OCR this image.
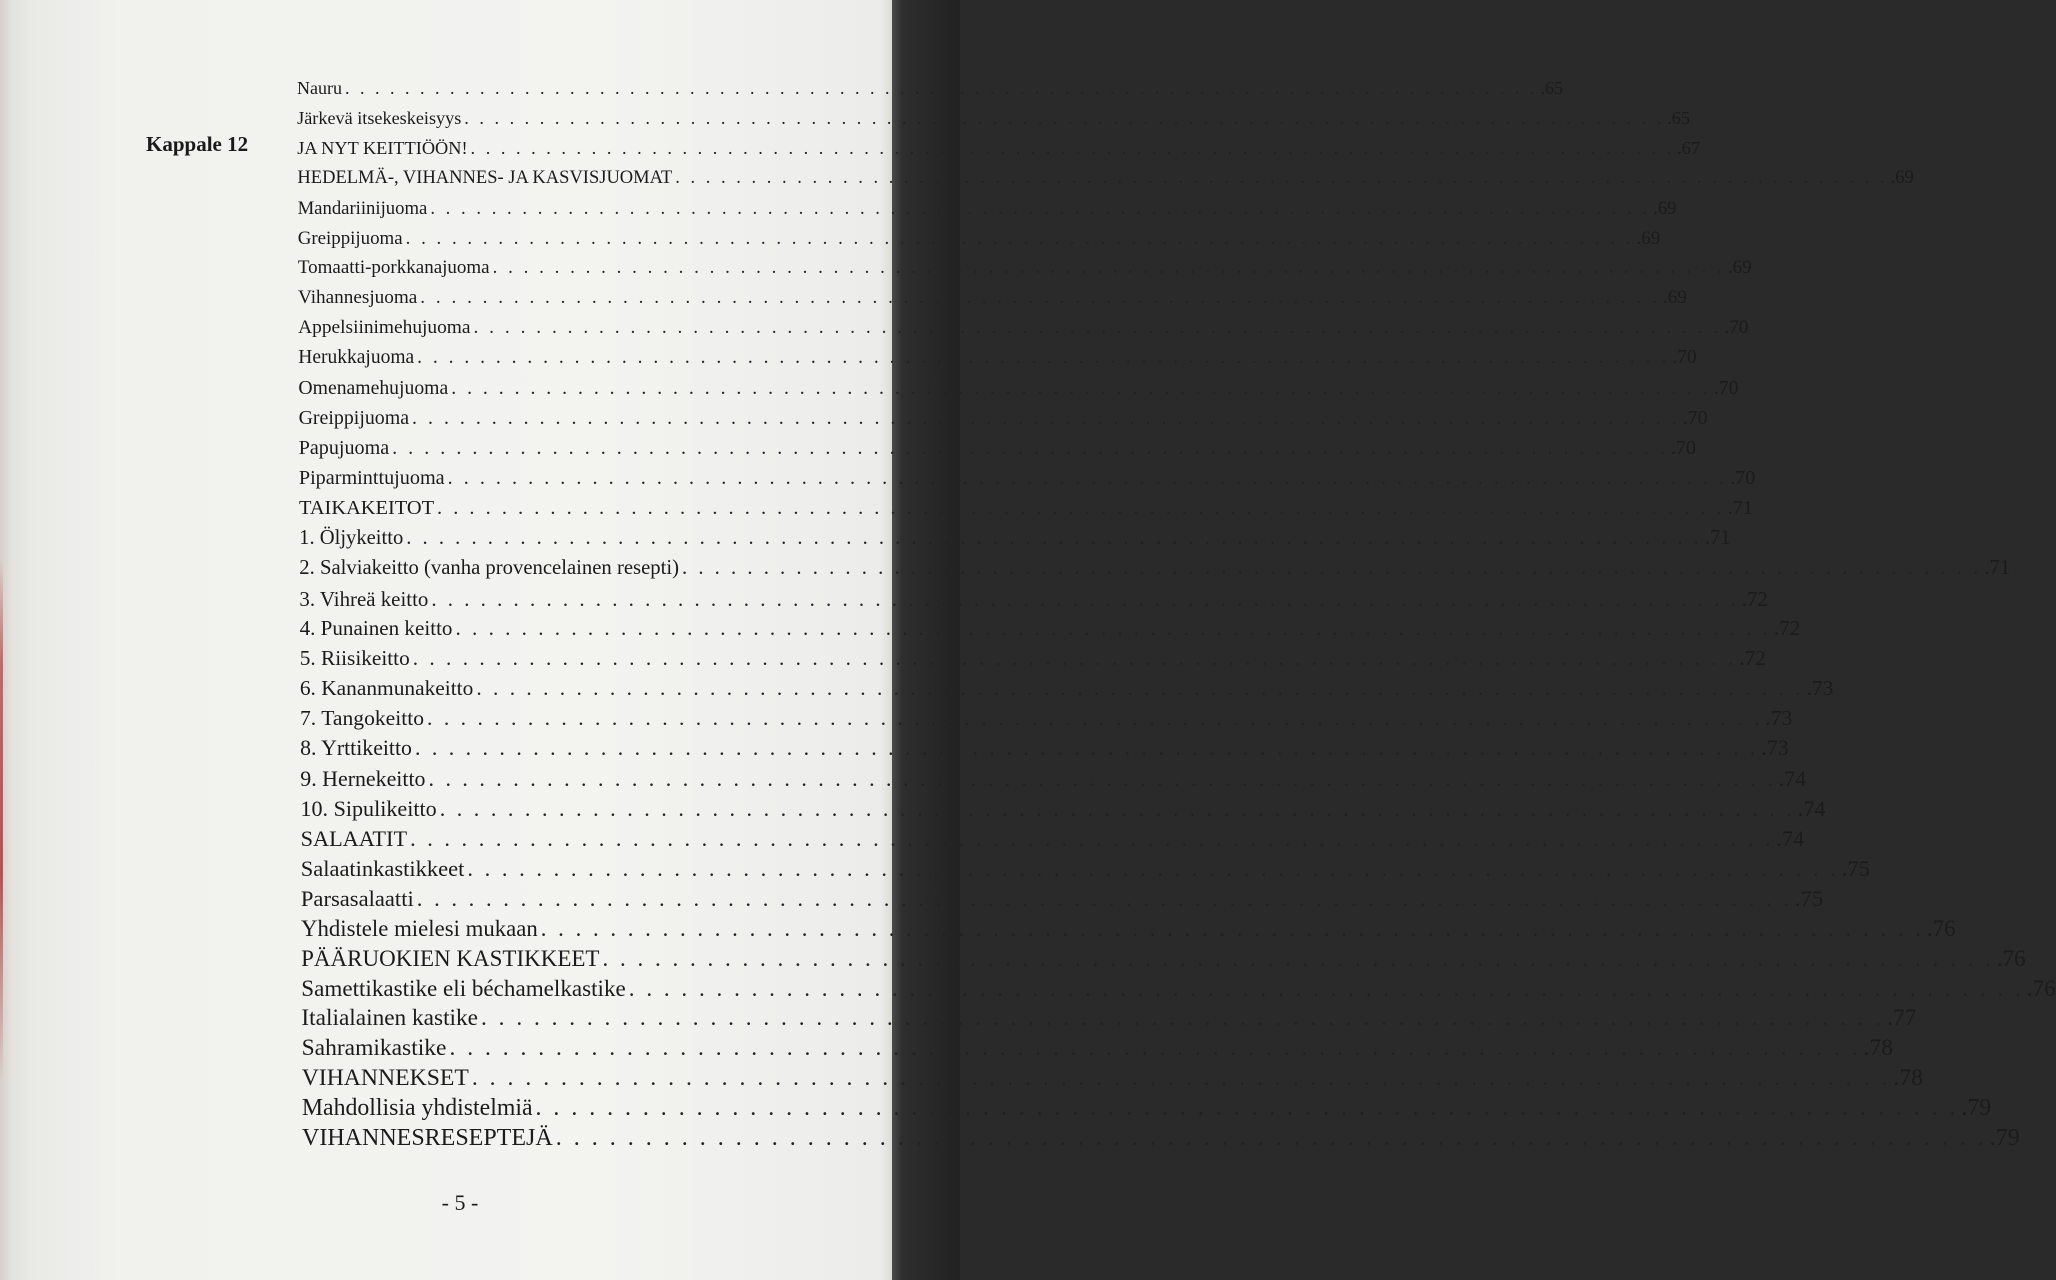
Kappale 12
Nauru . . . . . . . . . . . . . . . . . . . . . . . . . . . . . . . . . . . . . . . . . . . . . . . . . . . . . . . . . . . . . . . . . . . . . . . . . . . . . . . . .65
Järkevä itsekeskeisyys . . . . . . . . . . . . . . . . . . . . . . . . . . . . . . . . . . . . . . . . . . . . . . . . . . . . . . . . . . . . . . . . . . . . . . . . . . . . . . . . .65
JA NYT KEITTIÖÖN! . . . . . . . . . . . . . . . . . . . . . . . . . . . . . . . . . . . . . . . . . . . . . . . . . . . . . . . . . . . . . . . . . . . . . . . . . . . . . . . . .67
HEDELMÄ-, VIHANNES- JA KASVISJUOMAT . . . . . . . . . . . . . . . . . . . . . . . . . . . . . . . . . . . . . . . . . . . . . . . . . . . . . . . . . . . . . . . . . . . . . . . . . . . . . . . . .69
Mandariinijuoma . . . . . . . . . . . . . . . . . . . . . . . . . . . . . . . . . . . . . . . . . . . . . . . . . . . . . . . . . . . . . . . . . . . . . . . . . . . . . . . . .69
Greippijuoma . . . . . . . . . . . . . . . . . . . . . . . . . . . . . . . . . . . . . . . . . . . . . . . . . . . . . . . . . . . . . . . . . . . . . . . . . . . . . . . . .69
Tomaatti-porkkanajuoma . . . . . . . . . . . . . . . . . . . . . . . . . . . . . . . . . . . . . . . . . . . . . . . . . . . . . . . . . . . . . . . . . . . . . . . . . . . . . . . . .69
Vihannesjuoma . . . . . . . . . . . . . . . . . . . . . . . . . . . . . . . . . . . . . . . . . . . . . . . . . . . . . . . . . . . . . . . . . . . . . . . . . . . . . . . . .69
Appelsiinimehujuoma . . . . . . . . . . . . . . . . . . . . . . . . . . . . . . . . . . . . . . . . . . . . . . . . . . . . . . . . . . . . . . . . . . . . . . . . . . . . . . . . .70
Herukkajuoma . . . . . . . . . . . . . . . . . . . . . . . . . . . . . . . . . . . . . . . . . . . . . . . . . . . . . . . . . . . . . . . . . . . . . . . . . . . . . . . . .70
Omenamehujuoma . . . . . . . . . . . . . . . . . . . . . . . . . . . . . . . . . . . . . . . . . . . . . . . . . . . . . . . . . . . . . . . . . . . . . . . . . . . . . . . . .70
Greippijuoma . . . . . . . . . . . . . . . . . . . . . . . . . . . . . . . . . . . . . . . . . . . . . . . . . . . . . . . . . . . . . . . . . . . . . . . . . . . . . . . . .70
Papujuoma . . . . . . . . . . . . . . . . . . . . . . . . . . . . . . . . . . . . . . . . . . . . . . . . . . . . . . . . . . . . . . . . . . . . . . . . . . . . . . . . .70
Piparminttujuoma . . . . . . . . . . . . . . . . . . . . . . . . . . . . . . . . . . . . . . . . . . . . . . . . . . . . . . . . . . . . . . . . . . . . . . . . . . . . . . . . .70
TAIKAKEITOT . . . . . . . . . . . . . . . . . . . . . . . . . . . . . . . . . . . . . . . . . . . . . . . . . . . . . . . . . . . . . . . . . . . . . . . . . . . . . . . . .71
1. Öljykeitto . . . . . . . . . . . . . . . . . . . . . . . . . . . . . . . . . . . . . . . . . . . . . . . . . . . . . . . . . . . . . . . . . . . . . . . . . . . . . . . . .71
2. Salviakeitto (vanha provencelainen resepti) . . . . . . . . . . . . . . . . . . . . . . . . . . . . . . . . . . . . . . . . . . . . . . . . . . . . . . . . . . . . . . . . . . . . . . . . . . . . . . . . .71
3. Vihreä keitto . . . . . . . . . . . . . . . . . . . . . . . . . . . . . . . . . . . . . . . . . . . . . . . . . . . . . . . . . . . . . . . . . . . . . . . . . . . . . . . . .72
4. Punainen keitto . . . . . . . . . . . . . . . . . . . . . . . . . . . . . . . . . . . . . . . . . . . . . . . . . . . . . . . . . . . . . . . . . . . . . . . . . . . . . . . . .72
5. Riisikeitto . . . . . . . . . . . . . . . . . . . . . . . . . . . . . . . . . . . . . . . . . . . . . . . . . . . . . . . . . . . . . . . . . . . . . . . . . . . . . . . . .72
6. Kananmunakeitto . . . . . . . . . . . . . . . . . . . . . . . . . . . . . . . . . . . . . . . . . . . . . . . . . . . . . . . . . . . . . . . . . . . . . . . . . . . . . . . . .73
7. Tangokeitto . . . . . . . . . . . . . . . . . . . . . . . . . . . . . . . . . . . . . . . . . . . . . . . . . . . . . . . . . . . . . . . . . . . . . . . . . . . . . . . . .73
8. Yrttikeitto . . . . . . . . . . . . . . . . . . . . . . . . . . . . . . . . . . . . . . . . . . . . . . . . . . . . . . . . . . . . . . . . . . . . . . . . . . . . . . . . .73
9. Hernekeitto . . . . . . . . . . . . . . . . . . . . . . . . . . . . . . . . . . . . . . . . . . . . . . . . . . . . . . . . . . . . . . . . . . . . . . . . . . . . . . . . .74
10. Sipulikeitto . . . . . . . . . . . . . . . . . . . . . . . . . . . . . . . . . . . . . . . . . . . . . . . . . . . . . . . . . . . . . . . . . . . . . . . . . . . . . . . . .74
SALAATIT . . . . . . . . . . . . . . . . . . . . . . . . . . . . . . . . . . . . . . . . . . . . . . . . . . . . . . . . . . . . . . . . . . . . . . . . . . . . . . . . .74
Salaatinkastikkeet . . . . . . . . . . . . . . . . . . . . . . . . . . . . . . . . . . . . . . . . . . . . . . . . . . . . . . . . . . . . . . . . . . . . . . . . . . . . . . . . .75
Parsasalaatti . . . . . . . . . . . . . . . . . . . . . . . . . . . . . . . . . . . . . . . . . . . . . . . . . . . . . . . . . . . . . . . . . . . . . . . . . . . . . . . . .75
Yhdistele mielesi mukaan . . . . . . . . . . . . . . . . . . . . . . . . . . . . . . . . . . . . . . . . . . . . . . . . . . . . . . . . . . . . . . . . . . . . . . . . . . . . . . . . .76
PÄÄRUOKIEN KASTIKKEET . . . . . . . . . . . . . . . . . . . . . . . . . . . . . . . . . . . . . . . . . . . . . . . . . . . . . . . . . . . . . . . . . . . . . . . . . . . . . . . . .76
Samettikastike eli béchamelkastike . . . . . . . . . . . . . . . . . . . . . . . . . . . . . . . . . . . . . . . . . . . . . . . . . . . . . . . . . . . . . . . . . . . . . . . . . . . . . . . . .76
Italialainen kastike . . . . . . . . . . . . . . . . . . . . . . . . . . . . . . . . . . . . . . . . . . . . . . . . . . . . . . . . . . . . . . . . . . . . . . . . . . . . . . . . .77
Sahramikastike . . . . . . . . . . . . . . . . . . . . . . . . . . . . . . . . . . . . . . . . . . . . . . . . . . . . . . . . . . . . . . . . . . . . . . . . . . . . . . . . .78
VIHANNEKSET . . . . . . . . . . . . . . . . . . . . . . . . . . . . . . . . . . . . . . . . . . . . . . . . . . . . . . . . . . . . . . . . . . . . . . . . . . . . . . . . .78
Mahdollisia yhdistelmiä . . . . . . . . . . . . . . . . . . . . . . . . . . . . . . . . . . . . . . . . . . . . . . . . . . . . . . . . . . . . . . . . . . . . . . . . . . . . . . . . .79
VIHANNESRESEPTEJÄ . . . . . . . . . . . . . . . . . . . . . . . . . . . . . . . . . . . . . . . . . . . . . . . . . . . . . . . . . . . . . . . . . . . . . . . . . . . . . . . . .79
- 5 -
